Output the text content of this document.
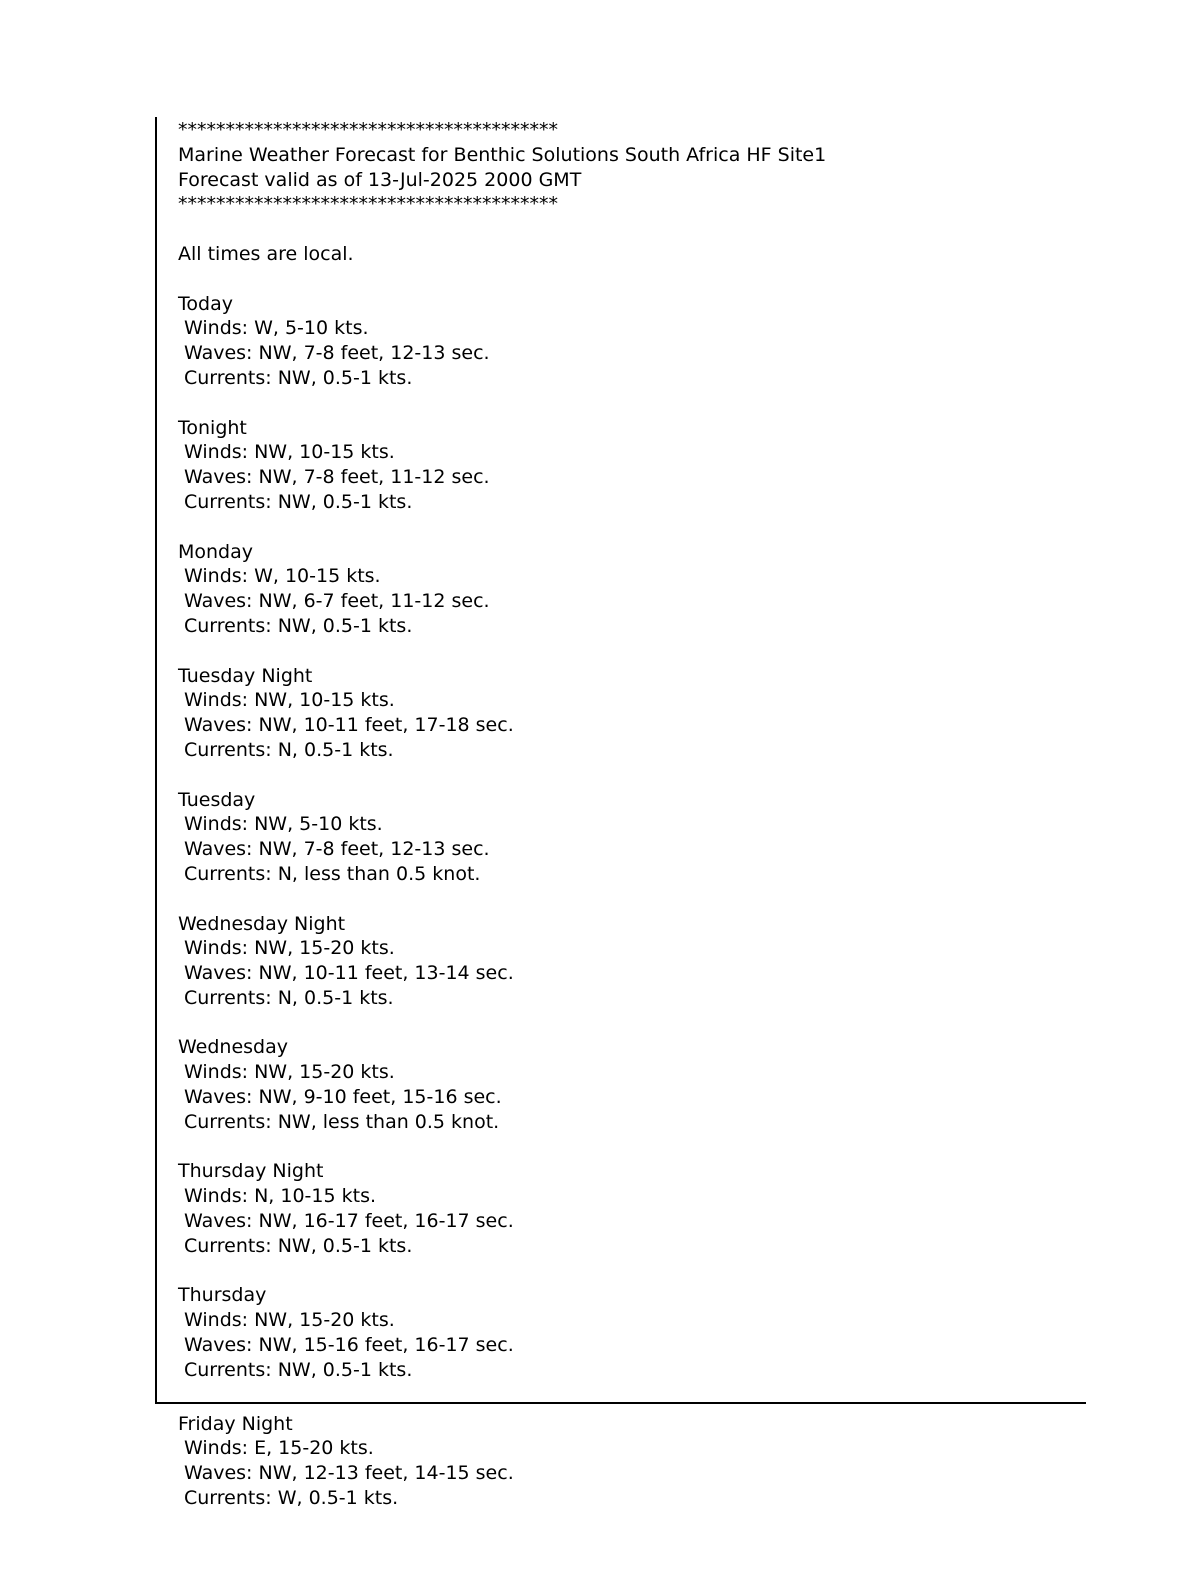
****************************************
Marine Weather Forecast for Benthic Solutions South Africa HF Site1
Forecast valid as of 13-Jul-2025 2000 GMT
****************************************
All times are local.
Today
Winds: W, 5-10 kts.
Waves: NW, 7-8 feet, 12-13 sec.
Currents: NW, 0.5-1 kts.
Tonight
Winds: NW, 10-15 kts.
Waves: NW, 7-8 feet, 11-12 sec.
Currents: NW, 0.5-1 kts.
Monday
Winds: W, 10-15 kts.
Waves: NW, 6-7 feet, 11-12 sec.
Currents: NW, 0.5-1 kts.
Tuesday Night
Winds: NW, 10-15 kts.
Waves: NW, 10-11 feet, 17-18 sec.
Currents: N, 0.5-1 kts.
Tuesday
Winds: NW, 5-10 kts.
Waves: NW, 7-8 feet, 12-13 sec.
Currents: N, less than 0.5 knot.
Wednesday Night
Winds: NW, 15-20 kts.
Waves: NW, 10-11 feet, 13-14 sec.
Currents: N, 0.5-1 kts.
Wednesday
Winds: NW, 15-20 kts.
Waves: NW, 9-10 feet, 15-16 sec.
Currents: NW, less than 0.5 knot.
Thursday Night
Winds: N, 10-15 kts.
Waves: NW, 16-17 feet, 16-17 sec.
Currents: NW, 0.5-1 kts.
Thursday
Winds: NW, 15-20 kts.
Waves: NW, 15-16 feet, 16-17 sec.
Currents: NW, 0.5-1 kts.
Friday Night
Winds: E, 15-20 kts.
Waves: NW, 12-13 feet, 14-15 sec.
Currents: W, 0.5-1 kts.
